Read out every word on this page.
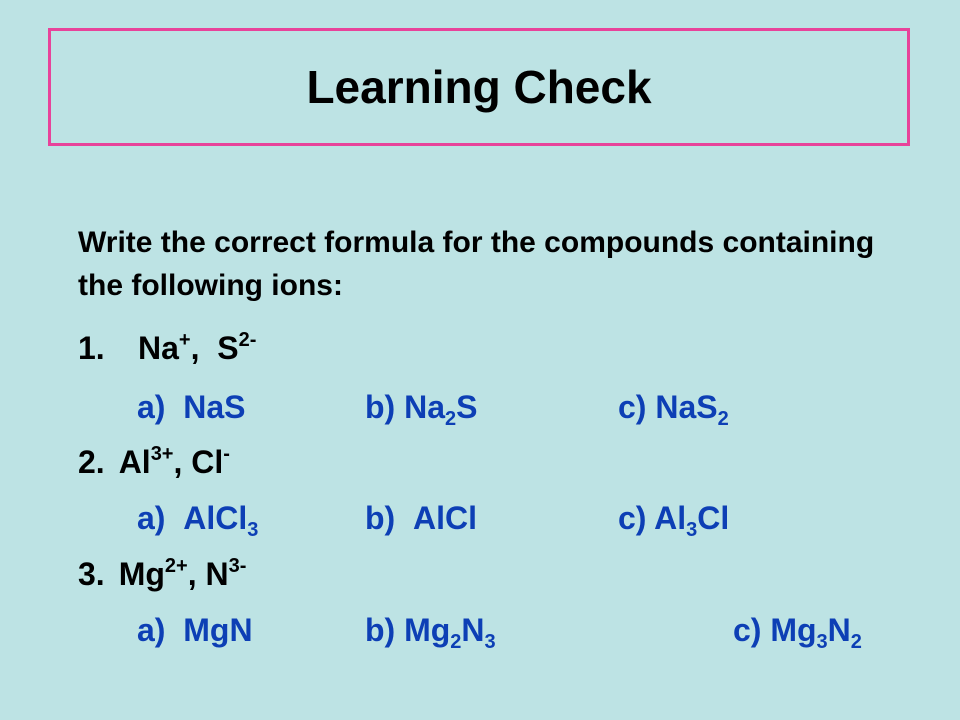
Learning Check
Write the correct formula for the compounds containing the following ions:
1. Na+,  $S^{2-}$
a) NaS	b) $Na_2S$	c) NaS$_2$
2. $Al^{3+}$, Cl-
a) AlCl$_3$	b) AlCl	c) $Al_3Cl$
3. $Mg^{2+}$, $N^{3-}$
a) MgN	b) $Mg_2N_3$	c) $Mg_3N_2$
